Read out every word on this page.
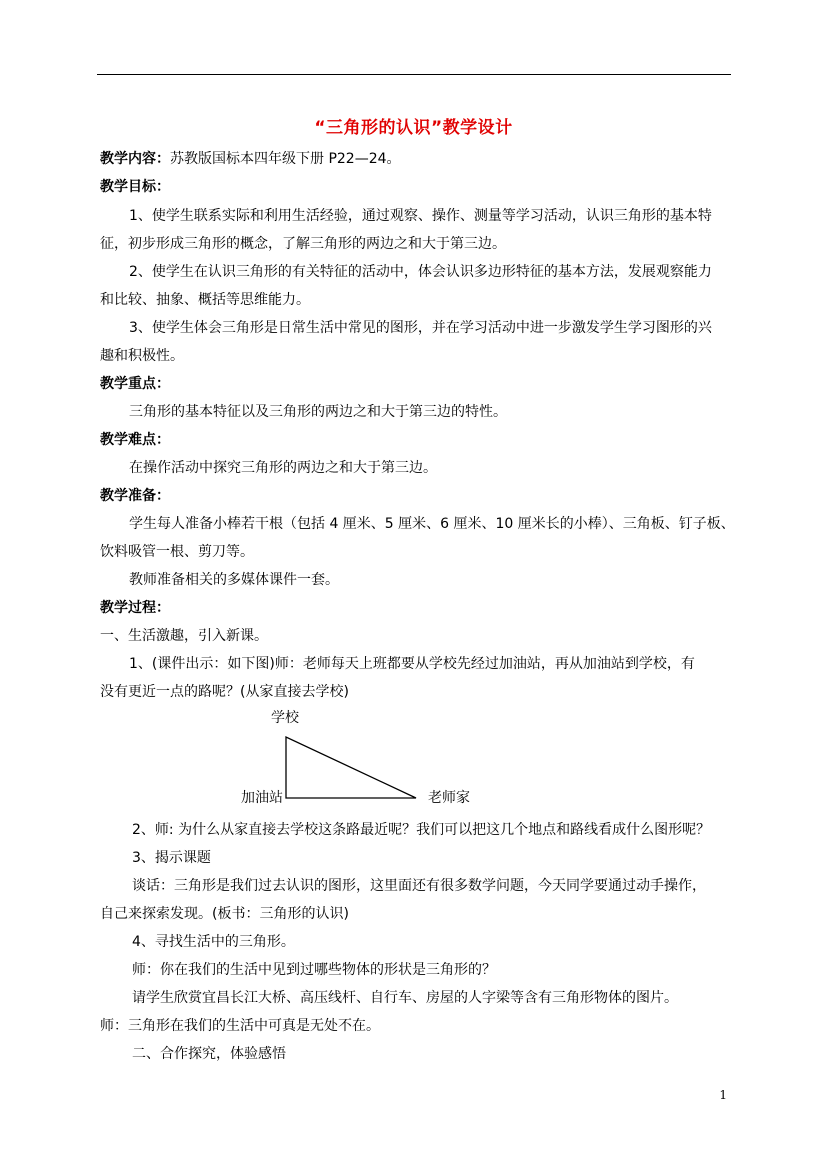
“三角形的认识”教学设计
教学内容：苏教版国标本四年级下册 P22—24。
教学目标：
1、使学生联系实际和利用生活经验，通过观察、操作、测量等学习活动，认识三角形的基本特
征，初步形成三角形的概念，了解三角形的两边之和大于第三边。
2、使学生在认识三角形的有关特征的活动中，体会认识多边形特征的基本方法，发展观察能力
和比较、抽象、概括等思维能力。
3、使学生体会三角形是日常生活中常见的图形，并在学习活动中进一步激发学生学习图形的兴
趣和积极性。
教学重点：
三角形的基本特征以及三角形的两边之和大于第三边的特性。
教学难点：
在操作活动中探究三角形的两边之和大于第三边。
教学准备：
学生每人准备小棒若干根（包括 4 厘米、5 厘米、6 厘米、10 厘米长的小棒）、三角板、钉子板、
饮料吸管一根、剪刀等。
教师准备相关的多媒体课件一套。
教学过程：
一、生活激趣，引入新课。
1、(课件出示：如下图)师：老师每天上班都要从学校先经过加油站，再从加油站到学校，有
没有更近一点的路呢？(从家直接去学校)
学校
加油站	老师家
2、师: 为什么从家直接去学校这条路最近呢？我们可以把这几个地点和路线看成什么图形呢？
3、揭示课题
谈话：三角形是我们过去认识的图形，这里面还有很多数学问题，今天同学要通过动手操作，
自己来探索发现。(板书：三角形的认识)
4、寻找生活中的三角形。
师：你在我们的生活中见到过哪些物体的形状是三角形的？
请学生欣赏宜昌长江大桥、高压线杆、自行车、房屋的人字梁等含有三角形物体的图片。
师：三角形在我们的生活中可真是无处不在。
二、合作探究，体验感悟
1
